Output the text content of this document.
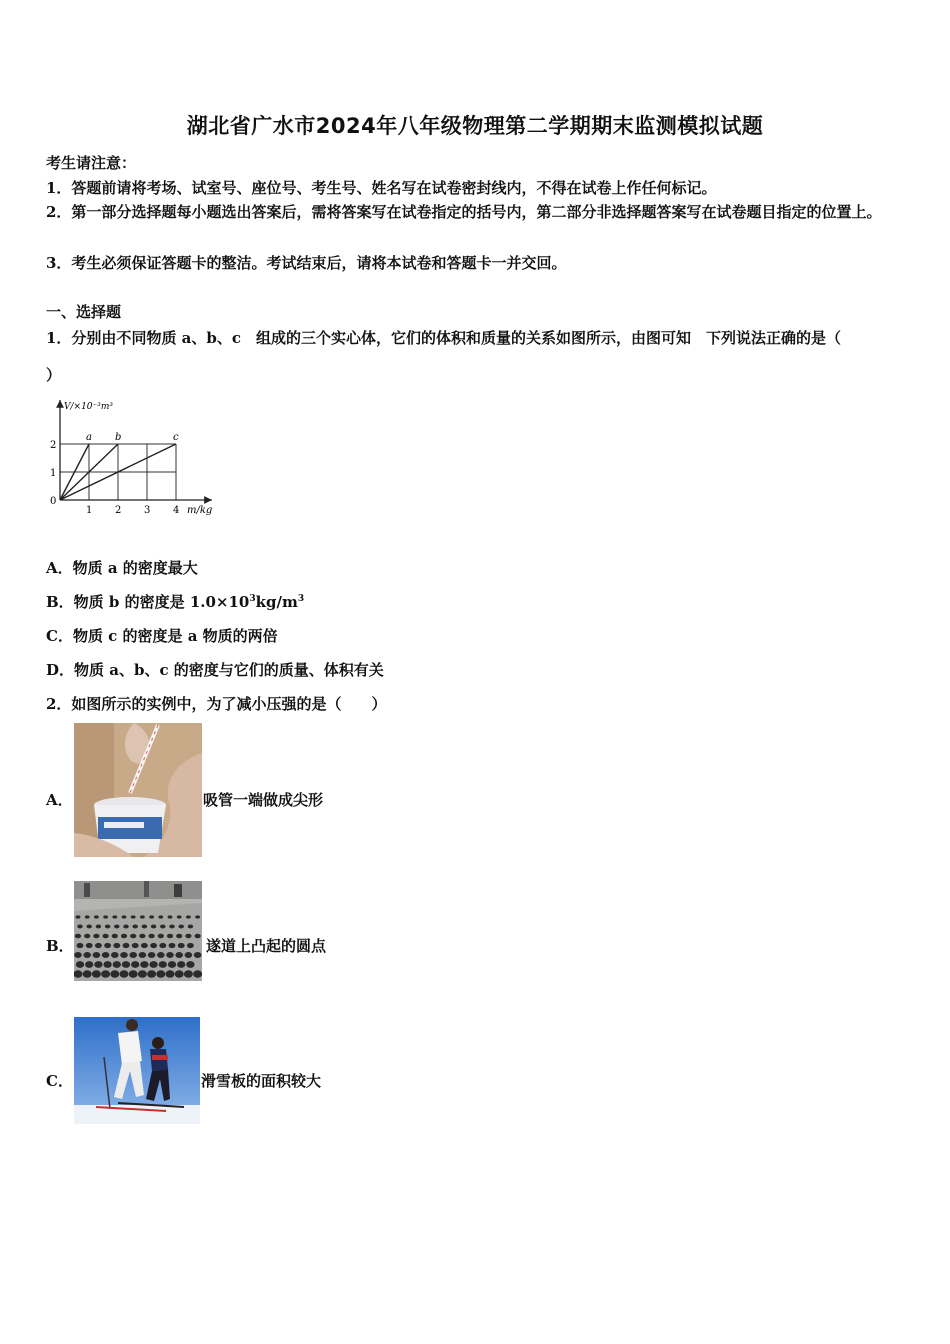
湖北省广水市2024年八年级物理第二学期期末监测模拟试题
考生请注意：
1．答题前请将考场、试室号、座位号、考生号、姓名写在试卷密封线内，不得在试卷上作任何标记。
2．第一部分选择题每小题选出答案后，需将答案写在试卷指定的括号内，第二部分非选择题答案写在试卷题目指定的位置上。
3．考生必须保证答题卡的整洁。考试结束后，请将本试卷和答题卡一并交回。
一、选择题
1．分别由不同物质 a、b、c　组成的三个实心体，它们的体积和质量的关系如图所示，由图可知　下列说法正确的是（
）
V/×10⁻³m³
m/kg
0
1 2 3 4
1
2
a b	c
A．物质 a 的密度最大
B．物质 b 的密度是 $1.0\times 10^3kg/m^3$
C．物质 c 的密度是 a 物质的两倍
D．物质 a、b、c 的密度与它们的质量、体积有关
2．如图所示的实例中，为了减小压强的是（　　）
A．	吸管一端做成尖形
B．	遂道上凸起的圆点
C．	滑雪板的面积较大
